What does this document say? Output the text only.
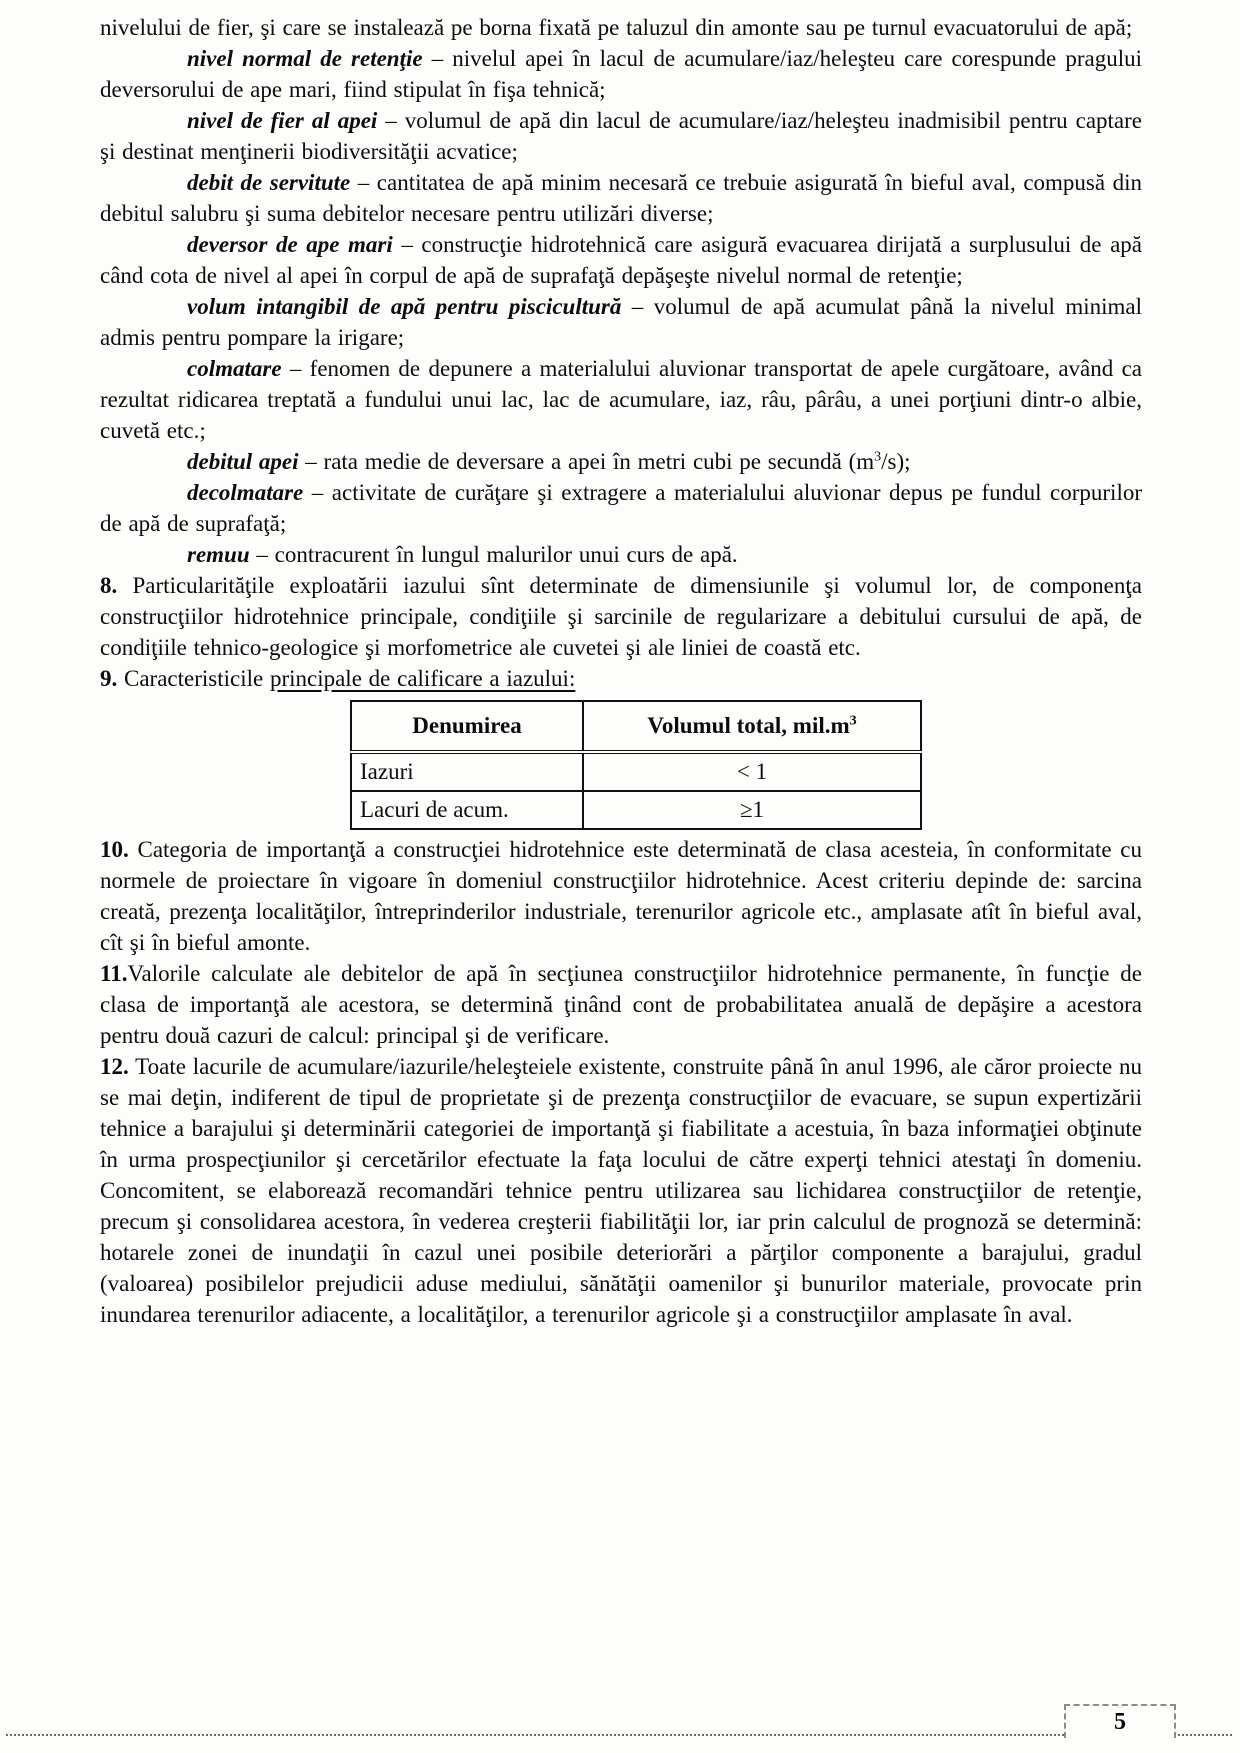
nivelului de fier, şi care se instalează pe borna fixată pe taluzul din amonte sau pe turnul evacuatorului de apă;

nivel normal de retenţie – nivelul apei în lacul de acumulare/iaz/heleşteu care corespunde pragului deversorului de ape mari, fiind stipulat în fişa tehnică;

nivel de fier al apei – volumul de apă din lacul de acumulare/iaz/heleşteu inadmisibil pentru captare şi destinat menţinerii biodiversităţii acvatice;

debit de servitute – cantitatea de apă minim necesară ce trebuie asigurată în bieful aval, compusă din debitul salubru şi suma debitelor necesare pentru utilizări diverse;

deversor de ape mari – construcţie hidrotehnică care asigură evacuarea dirijată a surplusului de apă când cota de nivel al apei în corpul de apă de suprafaţă depăşeşte nivelul normal de retenţie;

volum intangibil de apă pentru piscicultură – volumul de apă acumulat până la nivelul minimal admis pentru pompare la irigare;

colmatare – fenomen de depunere a materialului aluvionar transportat de apele curgătoare, având ca rezultat ridicarea treptată a fundului unui lac, lac de acumulare, iaz, râu, pârâu, a unei porţiuni dintr-o albie, cuvetă etc.;

debitul apei – rata medie de deversare a apei în metri cubi pe secundă $(m^3/s)$;

decolmatare – activitate de curăţare şi extragere a materialului aluvionar depus pe fundul corpurilor de apă de suprafaţă;

remuu – contracurent în lungul malurilor unui curs de apă.

8. Particularităţile exploatării iazului sînt determinate de dimensiunile şi volumul lor, de componenţa construcţiilor hidrotehnice principale, condiţiile şi sarcinile de regularizare a debitului cursului de apă, de condiţiile tehnico-geologice şi morfometrice ale cuvetei şi ale liniei de coastă etc.

9. Caracteristicile principale de calificare a iazului:

Denumirea	Volumul total, $mil.m^3$
Iazuri	< 1
Lacuri de acum.	≥1

10. Categoria de importanţă a construcţiei hidrotehnice este determinată de clasa acesteia, în conformitate cu normele de proiectare în vigoare în domeniul construcţiilor hidrotehnice. Acest criteriu depinde de: sarcina creată, prezenţa localităţilor, întreprinderilor industriale, terenurilor agricole etc., amplasate atît în bieful aval, cît şi în bieful amonte.

11.Valorile calculate ale debitelor de apă în secţiunea construcţiilor hidrotehnice permanente, în funcţie de clasa de importanţă ale acestora, se determină ţinând cont de probabilitatea anuală de depăşire a acestora pentru două cazuri de calcul: principal şi de verificare.

12. Toate lacurile de acumulare/iazurile/heleşteiele existente, construite până în anul 1996, ale căror proiecte nu se mai deţin, indiferent de tipul de proprietate şi de prezenţa construcţiilor de evacuare, se supun expertizării tehnice a barajului şi determinării categoriei de importanţă şi fiabilitate a acestuia, în baza informaţiei obţinute în urma prospecţiunilor şi cercetărilor efectuate la faţa locului de către experţi tehnici atestaţi în domeniu. Concomitent, se elaborează recomandări tehnice pentru utilizarea sau lichidarea construcţiilor de retenţie, precum şi consolidarea acestora, în vederea creşterii fiabilităţii lor, iar prin calculul de prognoză se determină: hotarele zonei de inundaţii în cazul unei posibile deteriorări a părţilor componente a barajului, gradul (valoarea) posibilelor prejudicii aduse mediului, sănătăţii oamenilor şi bunurilor materiale, provocate prin inundarea terenurilor adiacente, a localităţilor, a terenurilor agricole şi a construcţiilor amplasate în aval.

5
